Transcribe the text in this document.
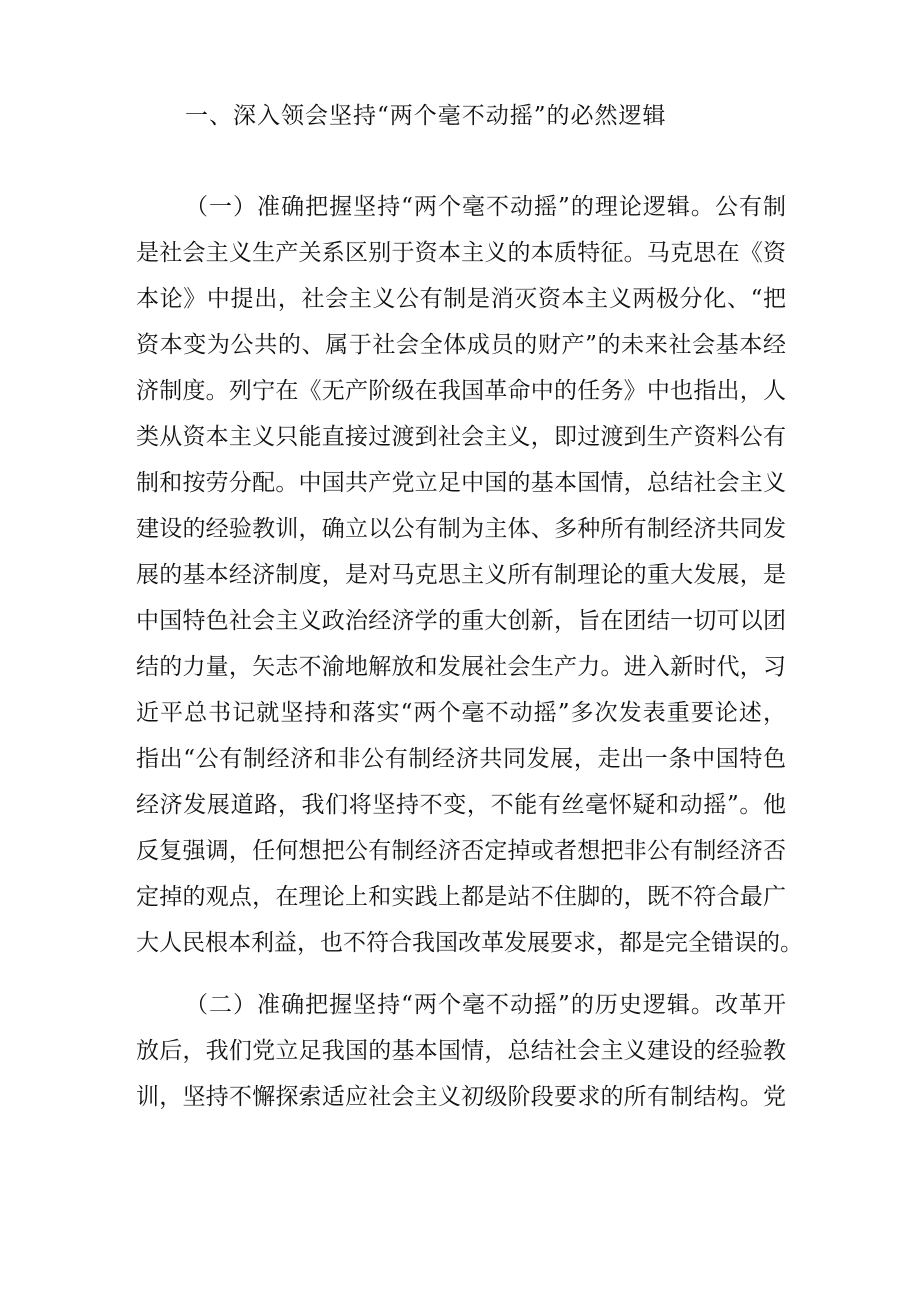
一、深入领会坚持“两个毫不动摇”的必然逻辑
（一）准确把握坚持“两个毫不动摇”的理论逻辑。公有制
是社会主义生产关系区别于资本主义的本质特征。马克思在《资
本论》中提出，社会主义公有制是消灭资本主义两极分化、“把
资本变为公共的、属于社会全体成员的财产”的未来社会基本经
济制度。列宁在《无产阶级在我国革命中的任务》中也指出，人
类从资本主义只能直接过渡到社会主义，即过渡到生产资料公有
制和按劳分配。中国共产党立足中国的基本国情，总结社会主义
建设的经验教训，确立以公有制为主体、多种所有制经济共同发
展的基本经济制度，是对马克思主义所有制理论的重大发展，是
中国特色社会主义政治经济学的重大创新，旨在团结一切可以团
结的力量，矢志不渝地解放和发展社会生产力。进入新时代，习
近平总书记就坚持和落实“两个毫不动摇”多次发表重要论述，
指出“公有制经济和非公有制经济共同发展，走出一条中国特色
经济发展道路，我们将坚持不变，不能有丝毫怀疑和动摇”。他
反复强调，任何想把公有制经济否定掉或者想把非公有制经济否
定掉的观点，在理论上和实践上都是站不住脚的，既不符合最广
大人民根本利益，也不符合我国改革发展要求，都是完全错误的。
（二）准确把握坚持“两个毫不动摇”的历史逻辑。改革开
放后，我们党立足我国的基本国情，总结社会主义建设的经验教
训，坚持不懈探索适应社会主义初级阶段要求的所有制结构。党
